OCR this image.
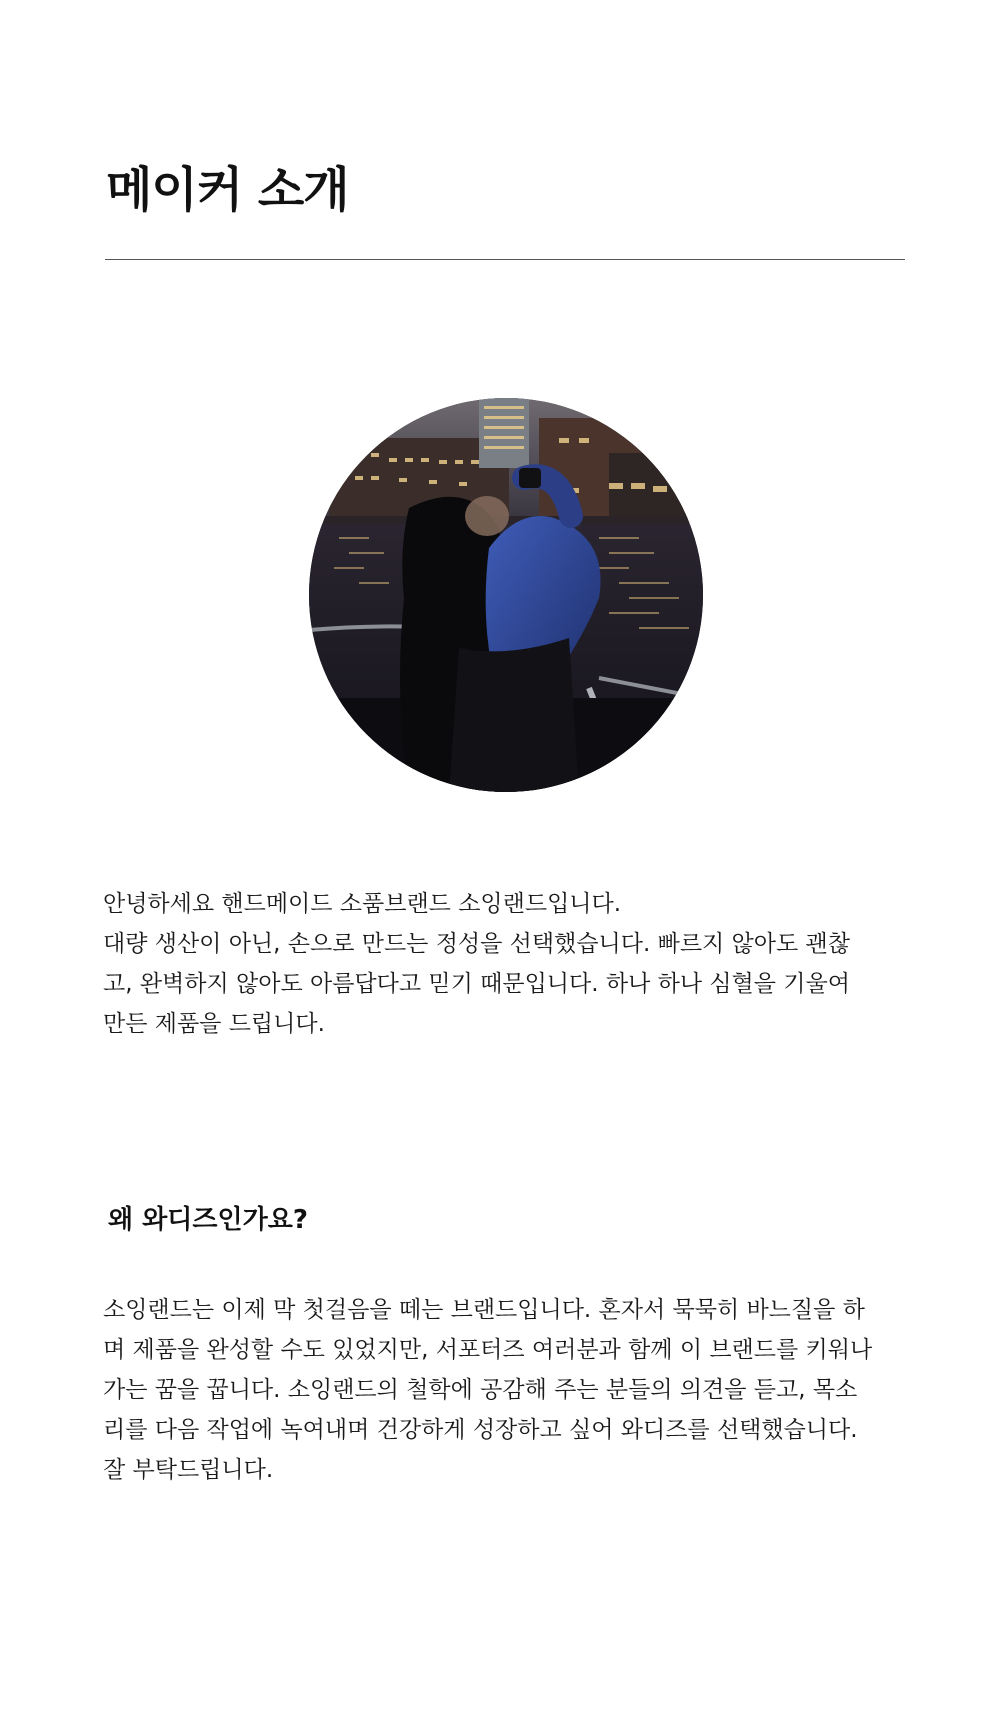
메이커 소개

안녕하세요 핸드메이드 소품브랜드 소잉랜드입니다.
대량 생산이 아닌, 손으로 만드는 정성을 선택했습니다. 빠르지 않아도 괜찮
고, 완벽하지 않아도 아름답다고 믿기 때문입니다. 하나 하나 심혈을 기울여
만든 제품을 드립니다.

왜 와디즈인가요?

소잉랜드는 이제 막 첫걸음을 떼는 브랜드입니다. 혼자서 묵묵히 바느질을 하
며 제품을 완성할 수도 있었지만, 서포터즈 여러분과 함께 이 브랜드를 키워나
가는 꿈을 꿉니다. 소잉랜드의 철학에 공감해 주는 분들의 의견을 듣고, 목소
리를 다음 작업에 녹여내며 건강하게 성장하고 싶어 와디즈를 선택했습니다.
잘 부탁드립니다.
